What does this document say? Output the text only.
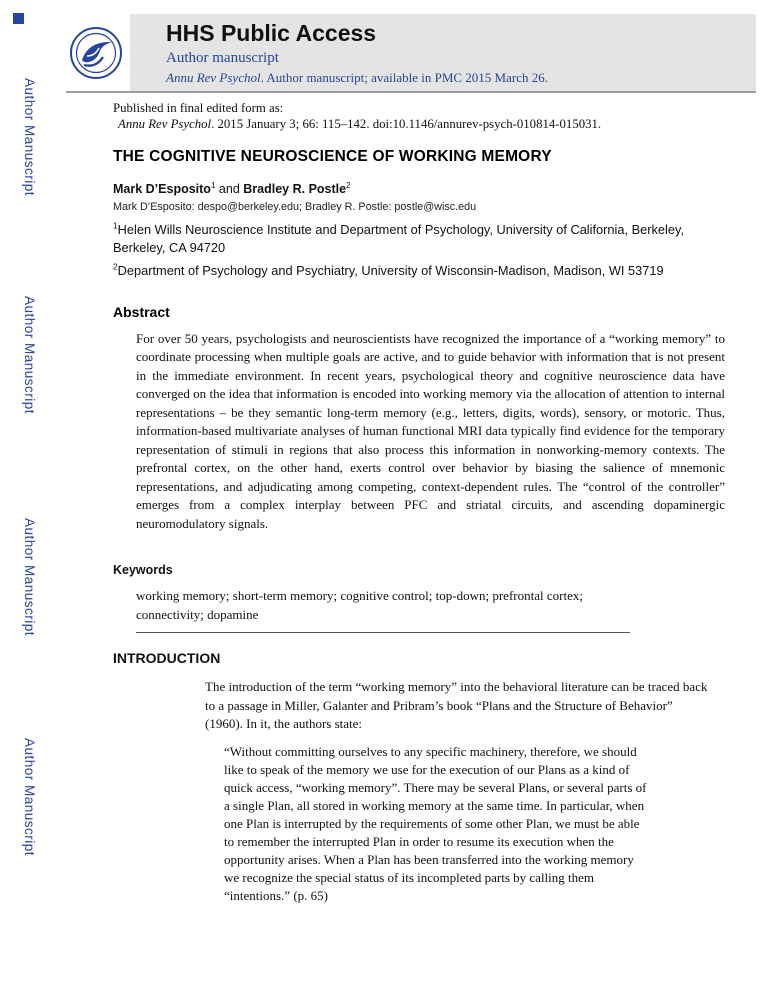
Author Manuscript
Author Manuscript
Author Manuscript
Author Manuscript
HHS Public Access
Author manuscript
Annu Rev Psychol. Author manuscript; available in PMC 2015 March 26.

Published in final edited form as:

Annu Rev Psychol. 2015 January 3; 66: 115–142. doi:10.1146/annurev-psych-010814-015031.

THE COGNITIVE NEUROSCIENCE OF WORKING MEMORY

Mark D’Esposito$^1$ and Bradley R. Postle$^2$

Mark D’Esposito: despo@berkeley.edu; Bradley R. Postle: postle@wisc.edu

$^1$Helen Wills Neuroscience Institute and Department of Psychology, University of California, Berkeley, Berkeley, CA 94720

$^2$Department of Psychology and Psychiatry, University of Wisconsin-Madison, Madison, WI 53719

Abstract

For over 50 years, psychologists and neuroscientists have recognized the importance of a “working memory” to coordinate processing when multiple goals are active, and to guide behavior with information that is not present in the immediate environment. In recent years, psychological theory and cognitive neuroscience data have converged on the idea that information is encoded into working memory via the allocation of attention to internal representations – be they semantic long-term memory (e.g., letters, digits, words), sensory, or motoric. Thus, information-based multivariate analyses of human functional MRI data typically find evidence for the temporary representation of stimuli in regions that also process this information in nonworking-memory contexts. The prefrontal cortex, on the other hand, exerts control over behavior by biasing the salience of mnemonic representations, and adjudicating among competing, context-dependent rules. The “control of the controller” emerges from a complex interplay between PFC and striatal circuits, and ascending dopaminergic neuromodulatory signals.

Keywords

working memory; short-term memory; cognitive control; top-down; prefrontal cortex; connectivity; dopamine

INTRODUCTION

The introduction of the term “working memory” into the behavioral literature can be traced back to a passage in Miller, Galanter and Pribram’s book “Plans and the Structure of Behavior” (1960). In it, the authors state:

“Without committing ourselves to any specific machinery, therefore, we should like to speak of the memory we use for the execution of our Plans as a kind of quick access, “working memory”. There may be several Plans, or several parts of a single Plan, all stored in working memory at the same time. In particular, when one Plan is interrupted by the requirements of some other Plan, we must be able to remember the interrupted Plan in order to resume its execution when the opportunity arises. When a Plan has been transferred into the working memory we recognize the special status of its incompleted parts by calling them “intentions.” (p. 65)
